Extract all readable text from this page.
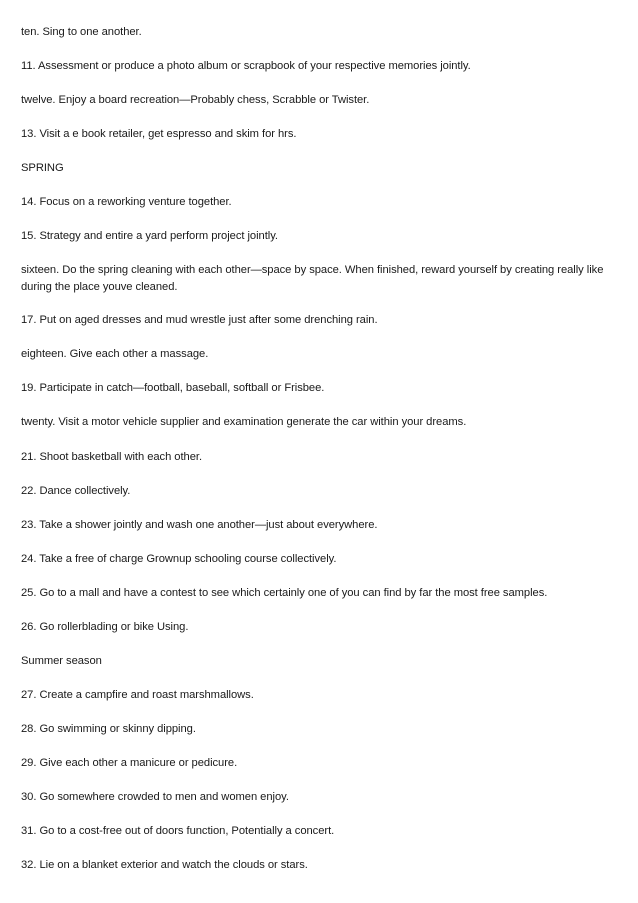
ten. Sing to one another.

11. Assessment or produce a photo album or scrapbook of your respective memories jointly.

twelve. Enjoy a board recreation—Probably chess, Scrabble or Twister.

13. Visit a e book retailer, get espresso and skim for hrs.

SPRING

14. Focus on a reworking venture together.

15. Strategy and entire a yard perform project jointly.

sixteen. Do the spring cleaning with each other—space by space. When finished, reward yourself by creating really like during the place youve cleaned.

17. Put on aged dresses and mud wrestle just after some drenching rain.

eighteen. Give each other a massage.

19. Participate in catch—football, baseball, softball or Frisbee.

twenty. Visit a motor vehicle supplier and examination generate the car within your dreams.

21. Shoot basketball with each other.

22. Dance collectively.

23. Take a shower jointly and wash one another—just about everywhere.

24. Take a free of charge Grownup schooling course collectively.

25. Go to a mall and have a contest to see which certainly one of you can find by far the most free samples.

26. Go rollerblading or bike Using.

Summer season

27. Create a campfire and roast marshmallows.

28. Go swimming or skinny dipping.

29. Give each other a manicure or pedicure.

30. Go somewhere crowded to men and women enjoy.

31. Go to a cost-free out of doors function, Potentially a concert.

32. Lie on a blanket exterior and watch the clouds or stars.
